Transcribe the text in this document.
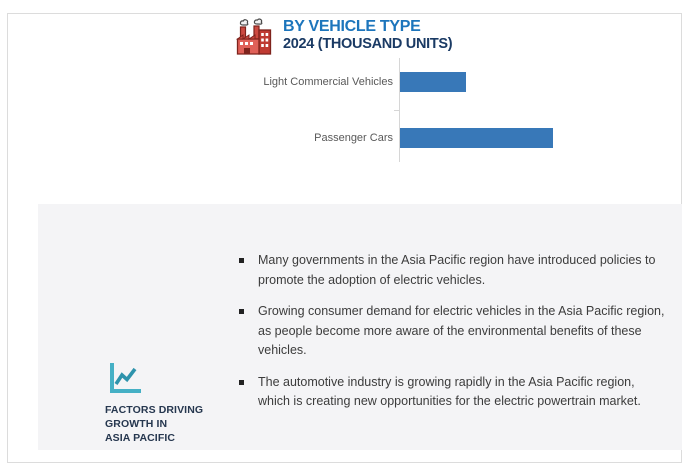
BY VEHICLE TYPE
2024 (THOUSAND UNITS)
Light Commercial Vehicles
Passenger Cars
FACTORS DRIVING
GROWTH IN
ASIA PACIFIC
Many governments in the Asia Pacific region have introduced policies to promote the adoption of electric vehicles.
Growing consumer demand for electric vehicles in the Asia Pacific region, as people become more aware of the environmental benefits of these vehicles.
The automotive industry is growing rapidly in the Asia Pacific region, which is creating new opportunities for the electric powertrain market.
